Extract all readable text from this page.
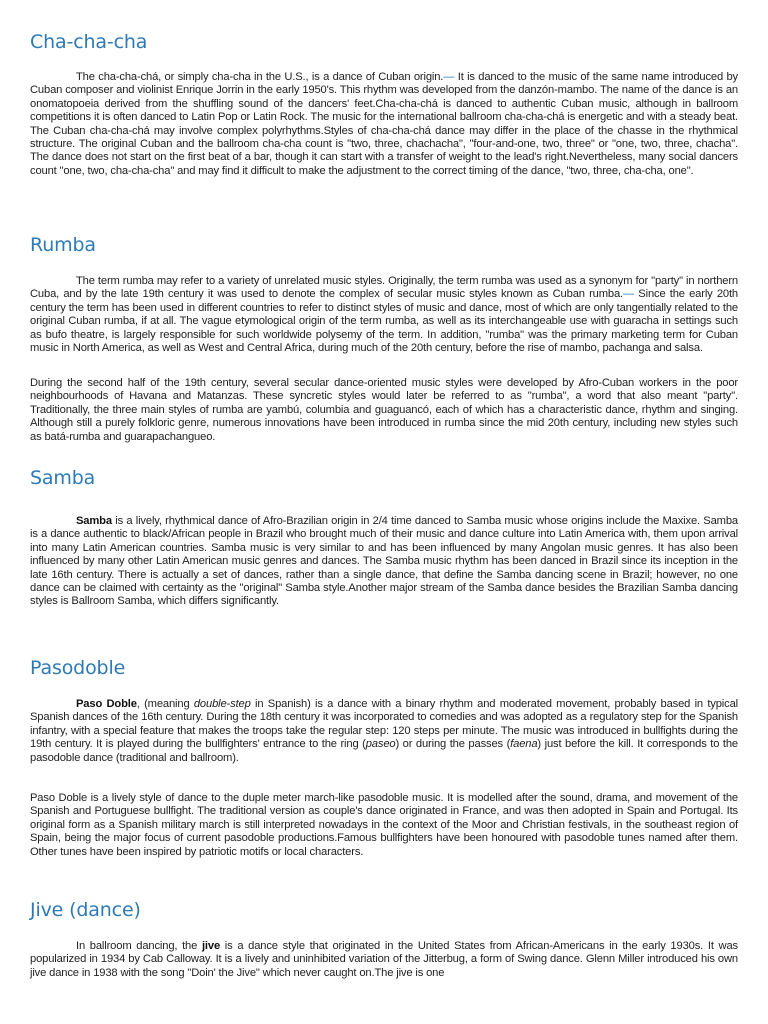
Cha-cha-cha

The cha-cha-chá, or simply cha-cha in the U.S., is a dance of Cuban origin.— It is danced to the music of the same name introduced by Cuban composer and violinist Enrique Jorrin in the early 1950's. This rhythm was developed from the danzón-mambo. The name of the dance is an onomatopoeia derived from the shuffling sound of the dancers' feet.Cha-cha-chá is danced to authentic Cuban music, although in ballroom competitions it is often danced to Latin Pop or Latin Rock. The music for the international ballroom cha-cha-chá is energetic and with a steady beat. The Cuban cha-cha-chá may involve complex polyrhythms.Styles of cha-cha-chá dance may differ in the place of the chasse in the rhythmical structure. The original Cuban and the ballroom cha-cha count is "two, three, chachacha", "four-and-one, two, three" or "one, two, three, chacha". The dance does not start on the first beat of a bar, though it can start with a transfer of weight to the lead's right.Nevertheless, many social dancers count "one, two, cha-cha-cha" and may find it difficult to make the adjustment to the correct timing of the dance, "two, three, cha-cha, one".

Rumba

The term rumba may refer to a variety of unrelated music styles. Originally, the term rumba was used as a synonym for "party" in northern Cuba, and by the late 19th century it was used to denote the complex of secular music styles known as Cuban rumba.— Since the early 20th century the term has been used in different countries to refer to distinct styles of music and dance, most of which are only tangentially related to the original Cuban rumba, if at all. The vague etymological origin of the term rumba, as well as its interchangeable use with guaracha in settings such as bufo theatre, is largely responsible for such worldwide polysemy of the term. In addition, "rumba" was the primary marketing term for Cuban music in North America, as well as West and Central Africa, during much of the 20th century, before the rise of mambo, pachanga and salsa.

During the second half of the 19th century, several secular dance-oriented music styles were developed by Afro-Cuban workers in the poor neighbourhoods of Havana and Matanzas. These syncretic styles would later be referred to as "rumba", a word that also meant "party". Traditionally, the three main styles of rumba are yambú, columbia and guaguancó, each of which has a characteristic dance, rhythm and singing. Although still a purely folkloric genre, numerous innovations have been introduced in rumba since the mid 20th century, including new styles such as batá-rumba and guarapachangueo.

Samba

Samba is a lively, rhythmical dance of Afro-Brazilian origin in 2/4 time danced to Samba music whose origins include the Maxixe. Samba is a dance authentic to black/African people in Brazil who brought much of their music and dance culture into Latin America with, them upon arrival into many Latin American countries. Samba music is very similar to and has been influenced by many Angolan music genres. It has also been influenced by many other Latin American music genres and dances. The Samba music rhythm has been danced in Brazil since its inception in the late 16th century. There is actually a set of dances, rather than a single dance, that define the Samba dancing scene in Brazil; however, no one dance can be claimed with certainty as the "original" Samba style.Another major stream of the Samba dance besides the Brazilian Samba dancing styles is Ballroom Samba, which differs significantly.

Pasodoble

Paso Doble, (meaning double-step in Spanish) is a dance with a binary rhythm and moderated movement, probably based in typical Spanish dances of the 16th century. During the 18th century it was incorporated to comedies and was adopted as a regulatory step for the Spanish infantry, with a special feature that makes the troops take the regular step: 120 steps per minute. The music was introduced in bullfights during the 19th century. It is played during the bullfighters' entrance to the ring (paseo) or during the passes (faena) just before the kill. It corresponds to the pasodoble dance (traditional and ballroom).

Paso Doble is a lively style of dance to the duple meter march-like pasodoble music. It is modelled after the sound, drama, and movement of the Spanish and Portuguese bullfight. The traditional version as couple's dance originated in France, and was then adopted in Spain and Portugal. Its original form as a Spanish military march is still interpreted nowadays in the context of the Moor and Christian festivals, in the southeast region of Spain, being the major focus of current pasodoble productions.Famous bullfighters have been honoured with pasodoble tunes named after them. Other tunes have been inspired by patriotic motifs or local characters.

Jive (dance)

In ballroom dancing, the jive is a dance style that originated in the United States from African-Americans in the early 1930s. It was popularized in 1934 by Cab Calloway. It is a lively and uninhibited variation of the Jitterbug, a form of Swing dance. Glenn Miller introduced his own jive dance in 1938 with the song "Doin' the Jive" which never caught on.The jive is one
